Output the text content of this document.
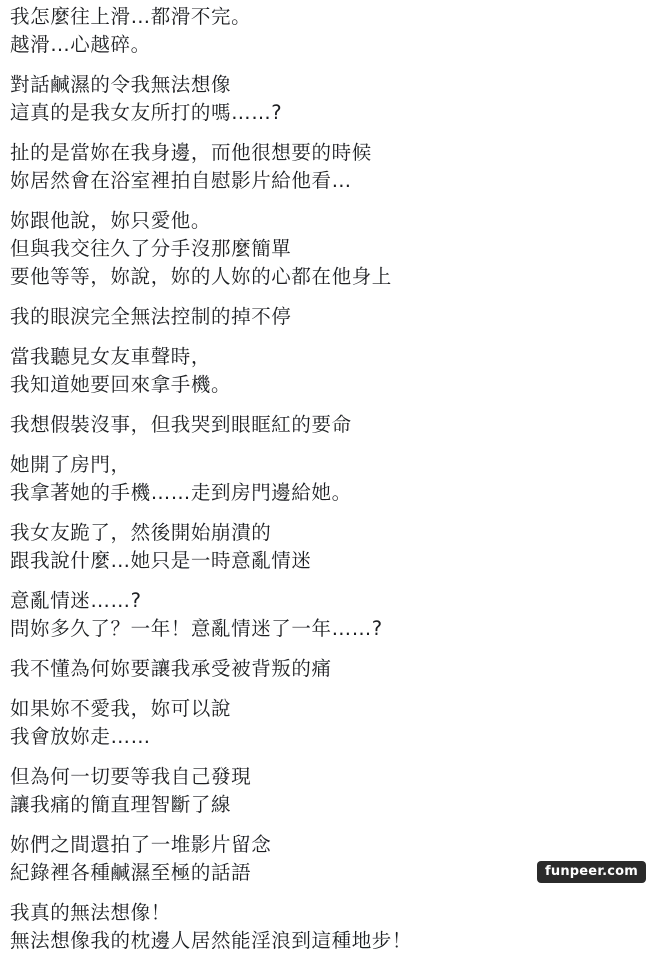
我怎麼往上滑…都滑不完。
越滑…心越碎。
對話鹹濕的令我無法想像
這真的是我女友所打的嗎……?
扯的是當妳在我身邊，而他很想要的時候
妳居然會在浴室裡拍自慰影片給他看…
妳跟他說，妳只愛他。
但與我交往久了分手沒那麼簡單
要他等等，妳說，妳的人妳的心都在他身上
我的眼淚完全無法控制的掉不停
當我聽見女友車聲時，
我知道她要回來拿手機。
我想假裝沒事，但我哭到眼眶紅的要命
她開了房門，
我拿著她的手機……走到房門邊給她。
我女友跪了，然後開始崩潰的
跟我說什麼…她只是一時意亂情迷
意亂情迷……?
問妳多久了？一年！意亂情迷了一年……?
我不懂為何妳要讓我承受被背叛的痛
如果妳不愛我，妳可以說
我會放妳走……
但為何一切要等我自己發現
讓我痛的簡直理智斷了線
妳們之間還拍了一堆影片留念
紀錄裡各種鹹濕至極的話語
我真的無法想像！
無法想像我的枕邊人居然能淫浪到這種地步！
funpeer.com
